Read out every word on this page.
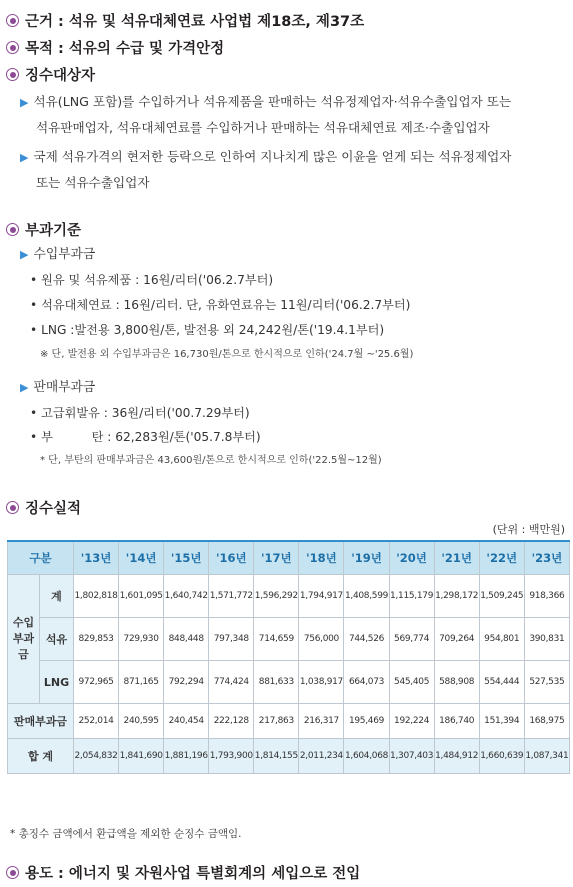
근거 : 석유 및 석유대체연료 사업법 제18조, 제37조
목적 : 석유의 수급 및 가격안정
징수대상자
▶ 석유(LNG 포함)를 수입하거나 석유제품을 판매하는 석유정제업자·석유수출입업자 또는
석유판매업자, 석유대체연료를 수입하거나 판매하는 석유대체연료 제조·수출입업자
▶ 국제 석유가격의 현저한 등락으로 인하여 지나치게 많은 이윤을 얻게 되는 석유정제업자
또는 석유수출입업자
부과기준
▶ 수입부과금
• 원유 및 석유제품 : 16원/리터('06.2.7부터)
• 석유대체연료 : 16원/리터. 단, 유화연료유는 11원/리터('06.2.7부터)
• LNG :발전용 3,800원/톤, 발전용 외 24,242원/톤('19.4.1부터)
※ 단, 발전용 외 수입부과금은 16,730원/톤으로 한시적으로 인하('24.7월 ~'25.6월)
▶ 판매부과금
• 고급휘발유 : 36원/리터('00.7.29부터)
• 부          탄 : 62,283원/톤('05.7.8부터)
* 단, 부탄의 판매부과금은 43,600원/톤으로 한시적으로 인하('22.5월~12월)
징수실적
(단위 : 백만원)
구분		'13년	'14년	'15년	'16년	'17년	'18년	'19년	'20년	'21년	'22년	'23년
수입
부과금	계	1,802,818	1,601,095	1,640,742	1,571,772	1,596,292	1,794,917	1,408,599	1,115,179	1,298,172	1,509,245	918,366
	석유	829,853	729,930	848,448	797,348	714,659	756,000	744,526	569,774	709,264	954,801	390,831
	LNG	972,965	871,165	792,294	774,424	881,633	1,038,917	664,073	545,405	588,908	554,444	527,535
판매부과금		252,014	240,595	240,454	222,128	217,863	216,317	195,469	192,224	186,740	151,394	168,975
합 계		2,054,832	1,841,690	1,881,196	1,793,900	1,814,155	2,011,234	1,604,068	1,307,403	1,484,912	1,660,639	1,087,341
* 총징수 금액에서 환급액을 제외한 순징수 금액임.
용도 : 에너지 및 자원사업 특별회계의 세입으로 전입
